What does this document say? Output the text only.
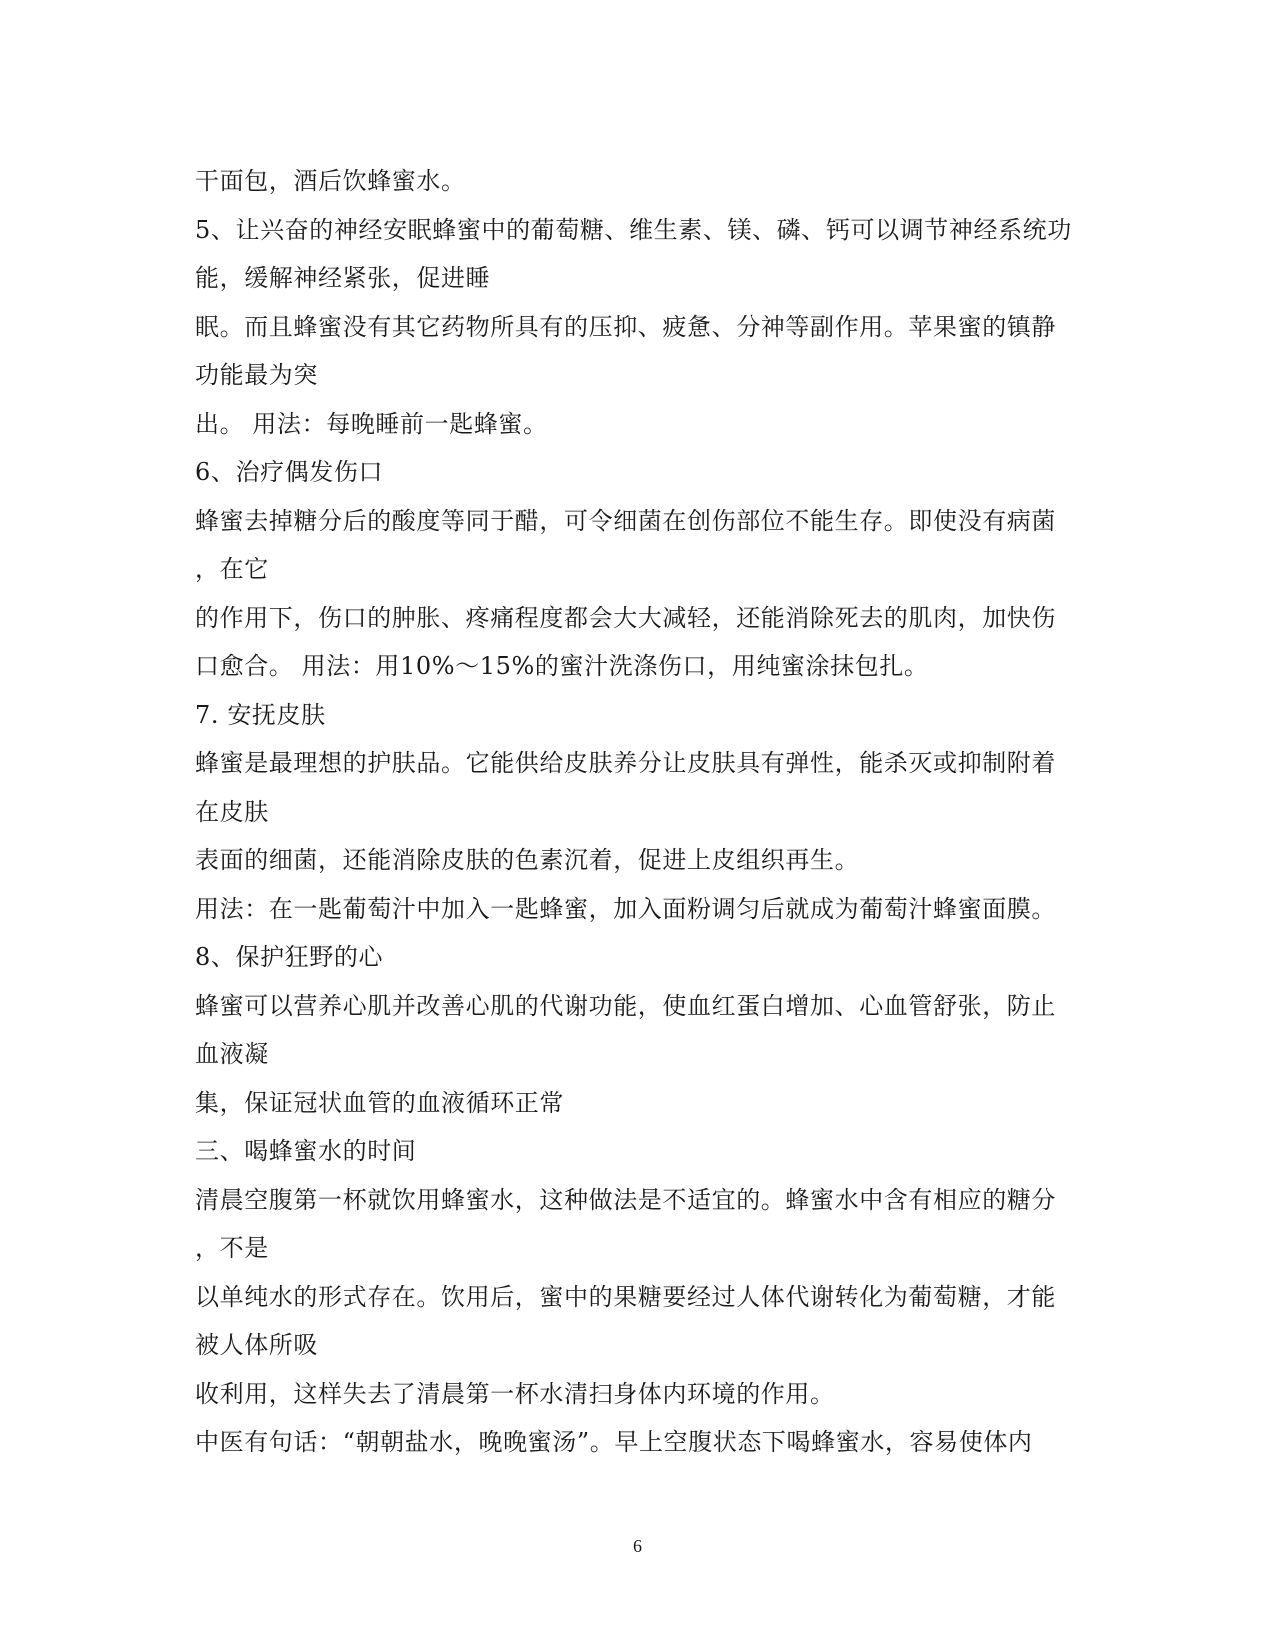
干面包，酒后饮蜂蜜水。
5、让兴奋的神经安眠蜂蜜中的葡萄糖、维生素、镁、磷、钙可以调节神经系统功
能，缓解神经紧张，促进睡
眠。而且蜂蜜没有其它药物所具有的压抑、疲惫、分神等副作用。苹果蜜的镇静
功能最为突
出。 用法：每晚睡前一匙蜂蜜。
6、治疗偶发伤口
蜂蜜去掉糖分后的酸度等同于醋，可令细菌在创伤部位不能生存。即使没有病菌
，在它
的作用下，伤口的肿胀、疼痛程度都会大大减轻，还能消除死去的肌肉，加快伤
口愈合。 用法：用10%～15%的蜜汁洗涤伤口，用纯蜜涂抹包扎。
7. 安抚皮肤
蜂蜜是最理想的护肤品。它能供给皮肤养分让皮肤具有弹性，能杀灭或抑制附着
在皮肤
表面的细菌，还能消除皮肤的色素沉着，促进上皮组织再生。
用法：在一匙葡萄汁中加入一匙蜂蜜，加入面粉调匀后就成为葡萄汁蜂蜜面膜。
8、保护狂野的心
蜂蜜可以营养心肌并改善心肌的代谢功能，使血红蛋白增加、心血管舒张，防止
血液凝
集，保证冠状血管的血液循环正常
三、喝蜂蜜水的时间
清晨空腹第一杯就饮用蜂蜜水，这种做法是不适宜的。蜂蜜水中含有相应的糖分
，不是
以单纯水的形式存在。饮用后，蜜中的果糖要经过人体代谢转化为葡萄糖，才能
被人体所吸
收利用，这样失去了清晨第一杯水清扫身体内环境的作用。
中医有句话：“朝朝盐水，晚晚蜜汤”。早上空腹状态下喝蜂蜜水，容易使体内
6
